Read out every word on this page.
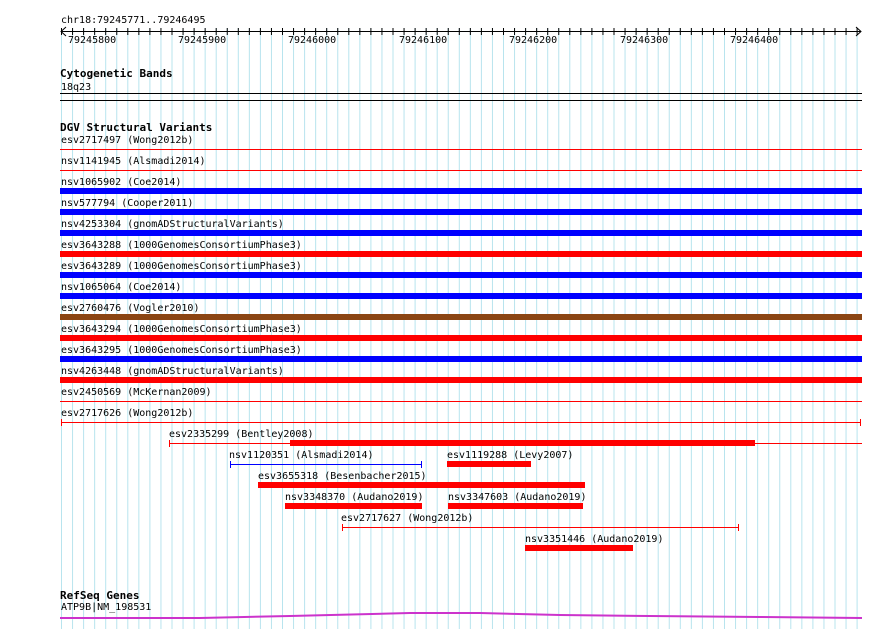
chr18:79245771..79246495
79245800	79245900	79246000	79246100	79246200	79246300	79246400
Cytogenetic Bands
18q23
DGV Structural Variants
esv2717497 (Wong2012b)
nsv1141945 (Alsmadi2014)
nsv1065902 (Coe2014)
nsv577794 (Cooper2011)
nsv4253304 (gnomADStructuralVariants)
esv3643288 (1000GenomesConsortiumPhase3)
esv3643289 (1000GenomesConsortiumPhase3)
nsv1065064 (Coe2014)
esv2760476 (Vogler2010)
esv3643294 (1000GenomesConsortiumPhase3)
esv3643295 (1000GenomesConsortiumPhase3)
nsv4263448 (gnomADStructuralVariants)
esv2450569 (McKernan2009)
esv2717626 (Wong2012b)
esv2335299 (Bentley2008)
nsv1120351 (Alsmadi2014)	esv1119288 (Levy2007)
esv3655318 (Besenbacher2015)
nsv3348370 (Audano2019) nsv3347603 (Audano2019)
esv2717627 (Wong2012b)
nsv3351446 (Audano2019)
RefSeq Genes
ATP9B|NM_198531
